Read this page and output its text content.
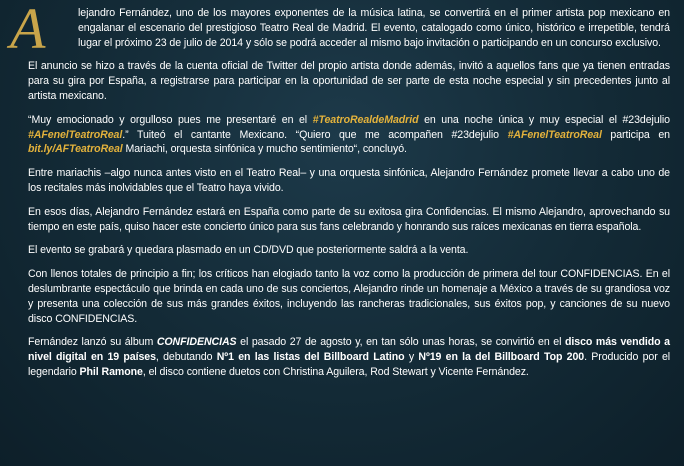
A	lejandro Fernández, uno de los mayores exponentes de la música latina, se convertirá en el primer artista pop mexicano en engalanar el escenario del prestigioso Teatro Real de Madrid. El evento, catalogado como único, histórico e irrepetible, tendrá lugar el próximo 23 de julio de 2014 y sólo se podrá acceder al mismo bajo invitación o participando en un concurso exclusivo.

El anuncio se hizo a través de la cuenta oficial de Twitter del propio artista donde además, invitó a aquellos fans que ya tienen entradas para su gira por España, a registrarse para participar en la oportunidad de ser parte de esta noche especial y sin precedentes junto al artista mexicano.

“Muy emocionado y orgulloso pues me presentaré en el #TeatroRealdeMadrid en una noche única y muy especial el #23dejulio #AFenelTeatroReal.” Tuiteó el cantante Mexicano. “Quiero que me acompañen #23dejulio #AFenelTeatroReal participa en bit.ly/AFTeatroReal Mariachi, orquesta sinfónica y mucho sentimiento“, concluyó.

Entre mariachis –algo nunca antes visto en el Teatro Real– y una orquesta sinfónica, Alejandro Fernández promete llevar a cabo uno de los recitales más inolvidables que el Teatro haya vivido.

En esos días, Alejandro Fernández estará en España como parte de su exitosa gira Confidencias. El mismo Alejandro, aprovechando su tiempo en este país, quiso hacer este concierto único para sus fans celebrando y honrando sus raíces mexicanas en tierra española.

El evento se grabará y quedara plasmado en un CD/DVD que posteriormente saldrá a la venta.

Con llenos totales de principio a fin; los críticos han elogiado tanto la voz como la producción de primera del tour CONFIDENCIAS. En el deslumbrante espectáculo que brinda en cada uno de sus conciertos, Alejandro rinde un homenaje a México a través de su grandiosa voz y presenta una colección de sus más grandes éxitos, incluyendo las rancheras tradicionales, sus éxitos pop, y canciones de su nuevo disco CONFIDENCIAS.

Fernández lanzó su álbum CONFIDENCIAS el pasado 27 de agosto y, en tan sólo unas horas, se convirtió en el disco más vendido a nivel digital en 19 países, debutando Nº1 en las listas del Billboard Latino y Nº19 en la del Billboard Top 200. Producido por el legendario Phil Ramone, el disco contiene duetos con Christina Aguilera, Rod Stewart y Vicente Fernández.
